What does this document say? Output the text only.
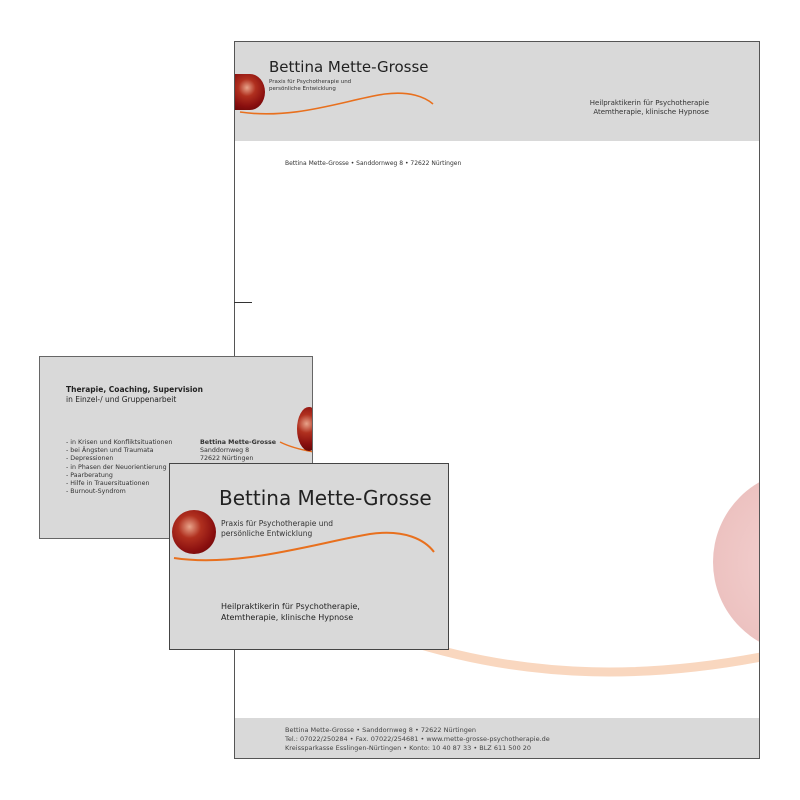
Bettina Mette-Grosse
Praxis für Psychotherapie und
persönliche Entwicklung
Heilpraktikerin für Psychotherapie
Atemtherapie, klinische Hypnose
Bettina Mette-Grosse • Sanddornweg 8 • 72622 Nürtingen
Bettina Mette-Grosse • Sanddornweg 8 • 72622 Nürtingen
Tel.: 07022/250284 • Fax. 07022/254681 • www.mette-grosse-psychotherapie.de
Kreissparkasse Esslingen-Nürtingen • Konto: 10 40 87 33 • BLZ 611 500 20
Therapie, Coaching, Supervision
in Einzel-/ und Gruppenarbeit
- in Krisen und Konfliktsituationen
- bei Ängsten und Traumata
- Depressionen
- in Phasen der Neuorientierung
- Paarberatung
- Hilfe in Trauersituationen
- Burnout-Syndrom
Bettina Mette-Grosse
Sanddornweg 8
72622 Nürtingen
Bettina Mette-Grosse
Praxis für Psychotherapie und
persönliche Entwicklung
Heilpraktikerin für Psychotherapie,
Atemtherapie, klinische Hypnose
